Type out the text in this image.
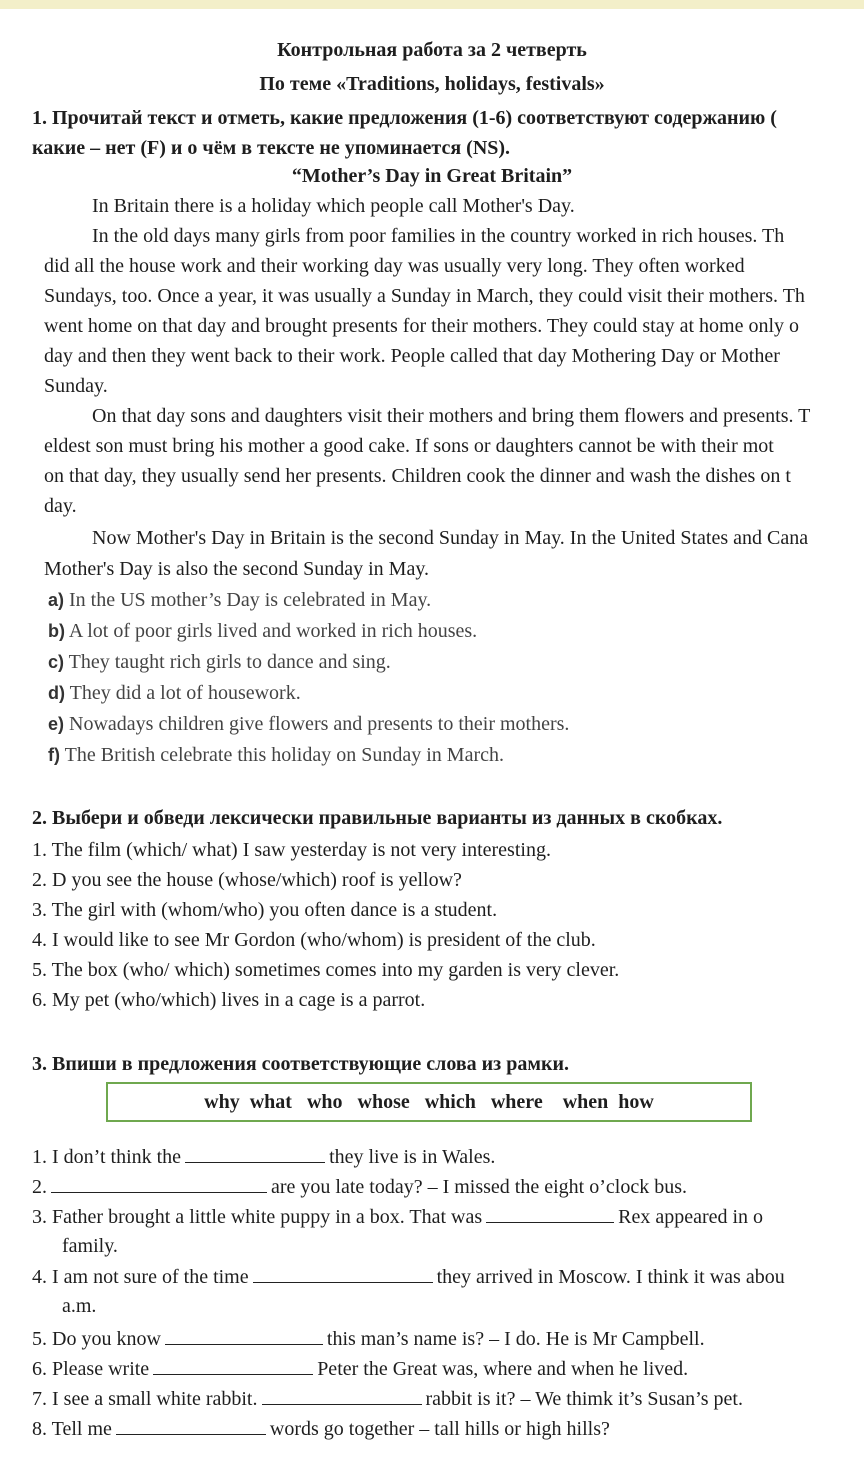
Контрольная работа за 2 четверть
По теме «Traditions, holidays, festivals»
1. Прочитай текст и отметь, какие предложения (1-6) соответствуют содержанию (
какие – нет (F) и о чём в тексте не упоминается (NS).
“Mother’s Day in Great Britain”
In Britain there is a holiday which people call Mother's Day.
In the old days many girls from poor families in the country worked in rich houses. Th
did all the house work and their working day was usually very long. They often worked
Sundays, too. Once a year, it was usually a Sunday in March, they could visit their mothers. Th
went home on that day and brought presents for their mothers. They could stay at home only o
day and then they went back to their work. People called that day Mothering Day or Mother
Sunday.
On that day sons and daughters visit their mothers and bring them flowers and presents. T
eldest son must bring his mother a good cake. If sons or daughters cannot be with their mot
on that day, they usually send her presents. Children cook the dinner and wash the dishes on t
day.
Now Mother's Day in Britain is the second Sunday in May. In the United States and Cana
Mother's Day is also the second Sunday in May.
a) In the US mother’s Day is celebrated in May.
b) A lot of poor girls lived and worked in rich houses.
c) They taught rich girls to dance and sing.
d) They did a lot of housework.
e) Nowadays children give flowers and presents to their mothers.
f) The British celebrate this holiday on Sunday in March.
2. Выбери и обведи лексически правильные варианты из данных в скобках.
1. The film (which/ what) I saw yesterday is not very interesting.
2. D you see the house (whose/which) roof is yellow?
3. The girl with (whom/who) you often dance is a student.
4. I would like to see Mr Gordon (who/whom) is president of the club.
5. The box (who/ which) sometimes comes into my garden is very clever.
6. My pet (who/which) lives in a cage is a parrot.
3. Впиши в предложения соответствующие слова из рамки.
why  what   who   whose   which   where    when  how
1. I don’t think the	they live is in Wales.
2.	are you late today? – I missed the eight o’clock bus.
3. Father brought a little white puppy in a box. That was	Rex appeared in o
family.
4. I am not sure of the time	they arrived in Moscow. I think it was abou
a.m.
5. Do you know	this man’s name is? – I do. He is Mr Campbell.
6. Please write	Peter the Great was, where and when he lived.
7. I see a small white rabbit.	rabbit is it? – We thimk it’s Susan’s pet.
8. Tell me	words go together – tall hills or high hills?
